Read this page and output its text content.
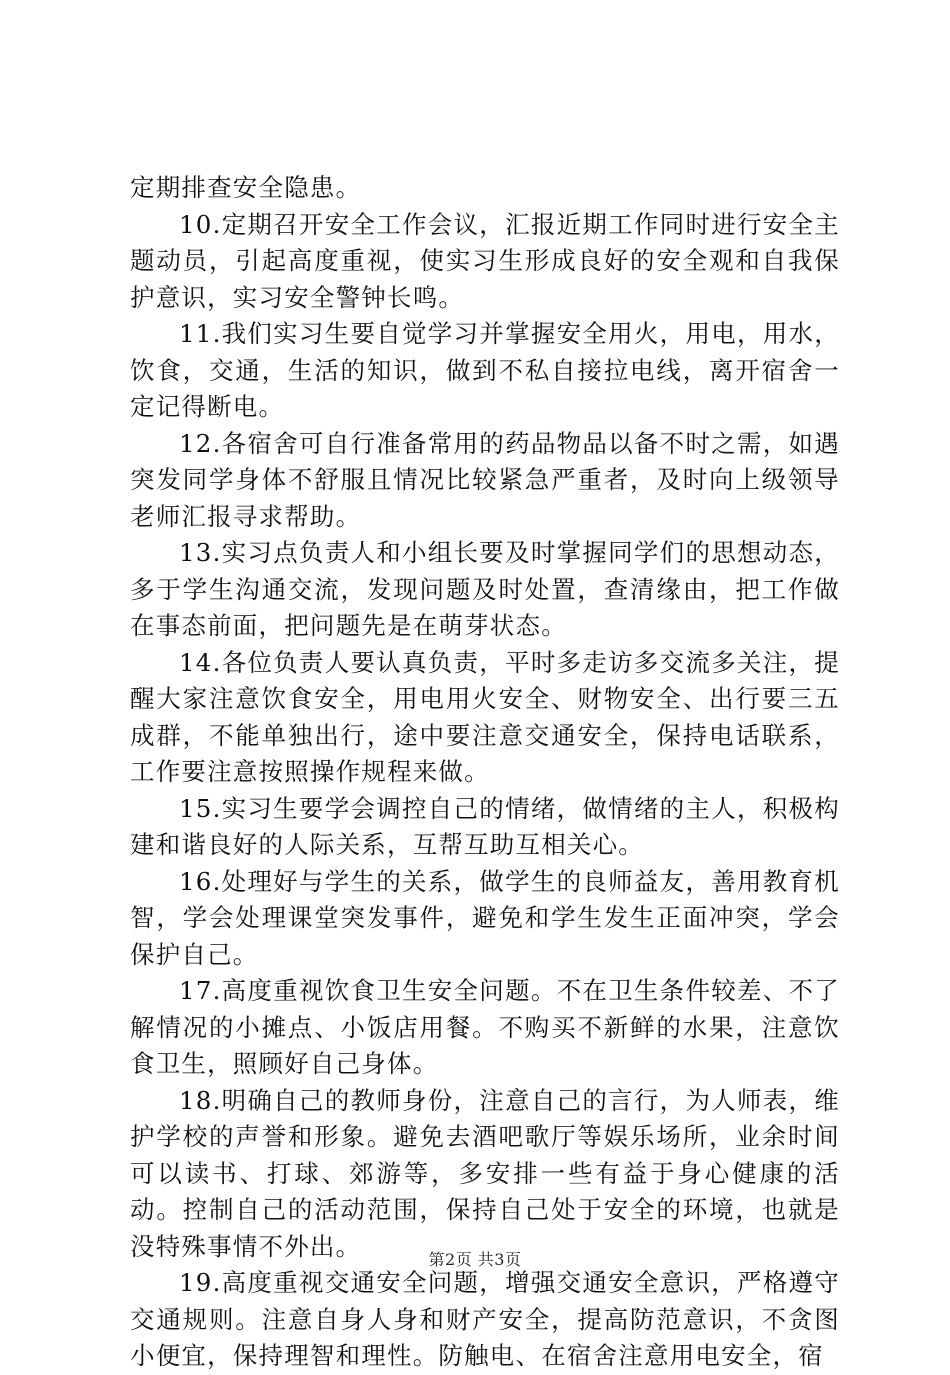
定期排查安全隐患。

10.定期召开安全工作会议，汇报近期工作同时进行安全主题动员，引起高度重视，使实习生形成良好的安全观和自我保护意识，实习安全警钟长鸣。

11.我们实习生要自觉学习并掌握安全用火，用电，用水，饮食，交通，生活的知识，做到不私自接拉电线，离开宿舍一定记得断电。

12.各宿舍可自行准备常用的药品物品以备不时之需，如遇突发同学身体不舒服且情况比较紧急严重者，及时向上级领导老师汇报寻求帮助。

13.实习点负责人和小组长要及时掌握同学们的思想动态，多于学生沟通交流，发现问题及时处置，查清缘由，把工作做在事态前面，把问题先是在萌芽状态。

14.各位负责人要认真负责，平时多走访多交流多关注，提醒大家注意饮食安全，用电用火安全、财物安全、出行要三五成群，不能单独出行，途中要注意交通安全，保持电话联系，工作要注意按照操作规程来做。

15.实习生要学会调控自己的情绪，做情绪的主人，积极构建和谐良好的人际关系，互帮互助互相关心。

16.处理好与学生的关系，做学生的良师益友，善用教育机智，学会处理课堂突发事件，避免和学生发生正面冲突，学会保护自己。

17.高度重视饮食卫生安全问题。不在卫生条件较差、不了解情况的小摊点、小饭店用餐。不购买不新鲜的水果，注意饮食卫生，照顾好自己身体。

18.明确自己的教师身份，注意自己的言行，为人师表，维护学校的声誉和形象。避免去酒吧歌厅等娱乐场所，业余时间可以读书、打球、郊游等，多安排一些有益于身心健康的活动。控制自己的活动范围，保持自己处于安全的环境，也就是没特殊事情不外出。

19.高度重视交通安全问题，增强交通安全意识，严格遵守交通规则。注意自身人身和财产安全，提高防范意识，不贪图小便宜，保持理智和理性。防触电、在宿舍注意用电安全，宿

第2页 共3页
